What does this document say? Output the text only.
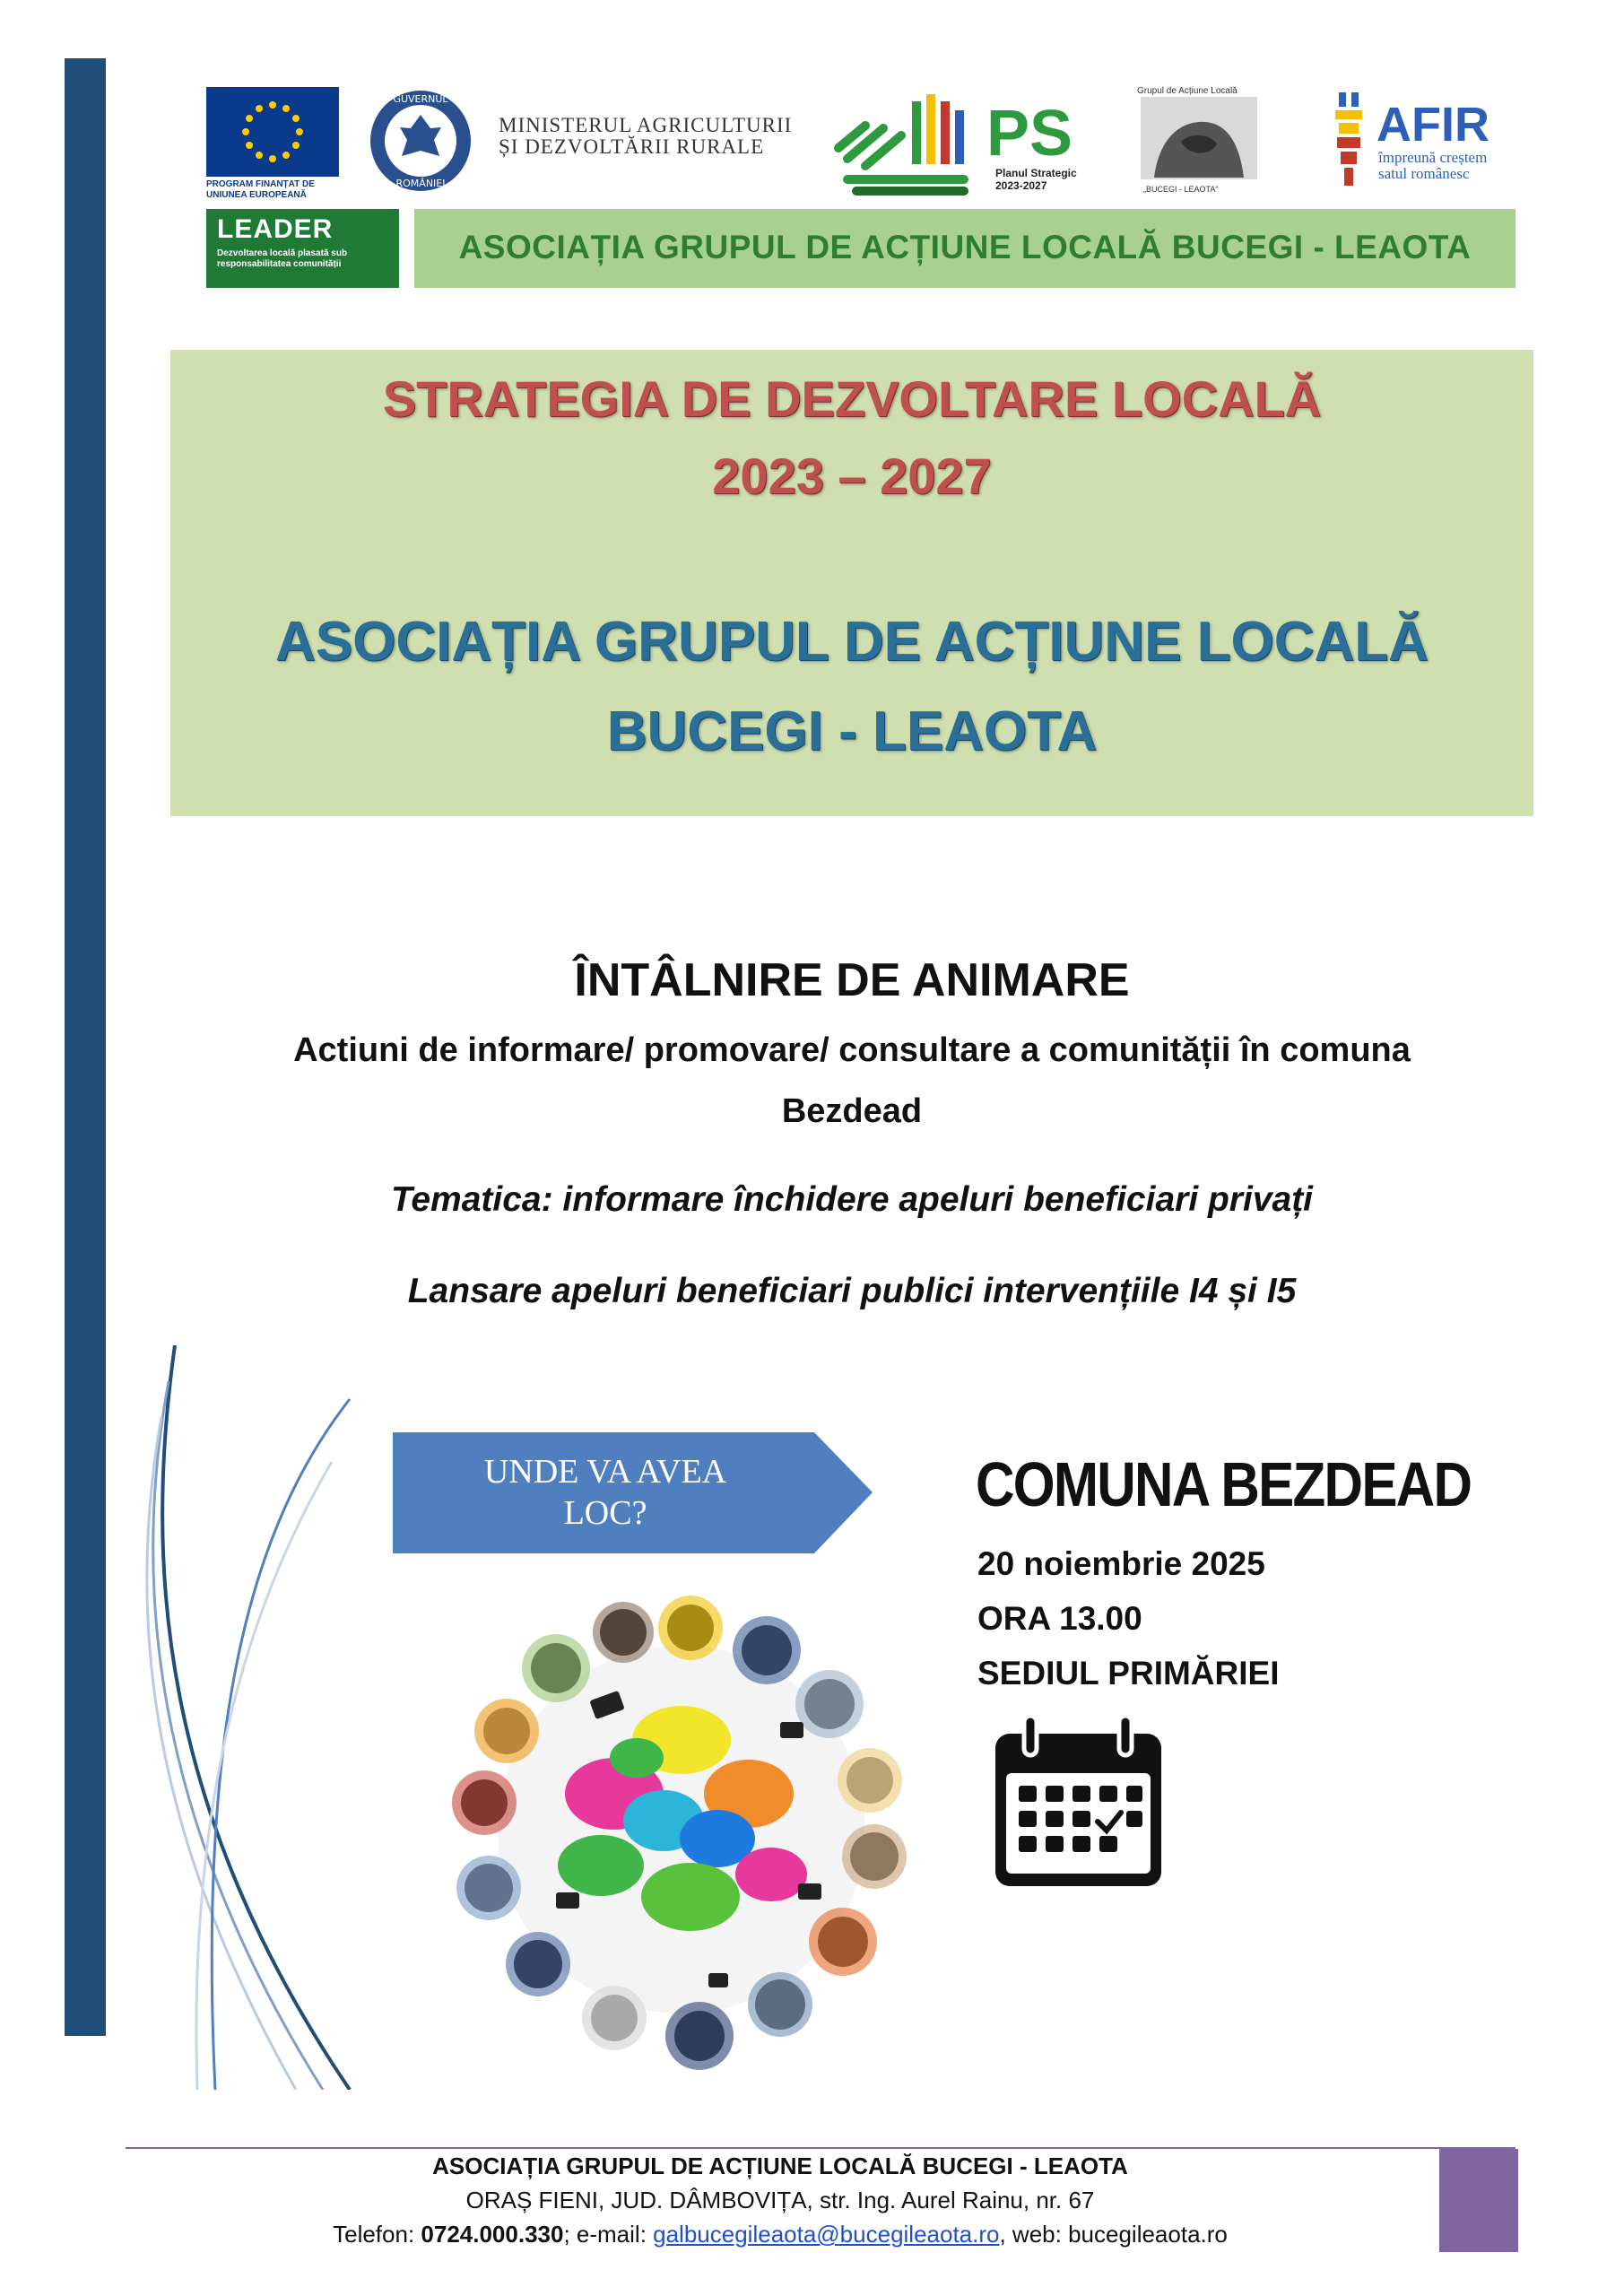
PROGRAM FINANȚAT DE UNIUNEA EUROPEANĂ
GUVERNUL
ROMÂNIEI
MINISTERUL AGRICULTURII
ȘI DEZVOLTĂRII RURALE	PS
Planul Strategic
2023-2027
Grupul de Acțiune Locală
„BUCEGI - LEAOTA”
AFIR
împreună creștem
satul românesc
LEADER
Dezvoltarea locală plasată sub responsabilitatea comunității	ASOCIAȚIA GRUPUL DE ACȚIUNE LOCALĂ BUCEGI - LEAOTA
STRATEGIA DE DEZVOLTARE LOCALĂ
2023 – 2027
ASOCIAȚIA GRUPUL DE ACȚIUNE LOCALĂ
BUCEGI - LEAOTA
ÎNTÂLNIRE DE ANIMARE
Actiuni de informare/ promovare/ consultare a comunității în comuna
Bezdead
Tematica: informare închidere apeluri beneficiari privați
Lansare apeluri beneficiari publici intervențiile I4 și I5
UNDE VA AVEA
LOC?	COMUNA BEZDEAD
20 noiembrie 2025
ORA 13.00
SEDIUL PRIMĂRIEI
ASOCIAȚIA GRUPUL DE ACȚIUNE LOCALĂ BUCEGI - LEAOTA
ORAȘ FIENI, JUD. DÂMBOVIȚA, str. Ing. Aurel Rainu, nr. 67
Telefon: 0724.000.330; e-mail: galbucegileaota@bucegileaota.ro, web: bucegileaota.ro
